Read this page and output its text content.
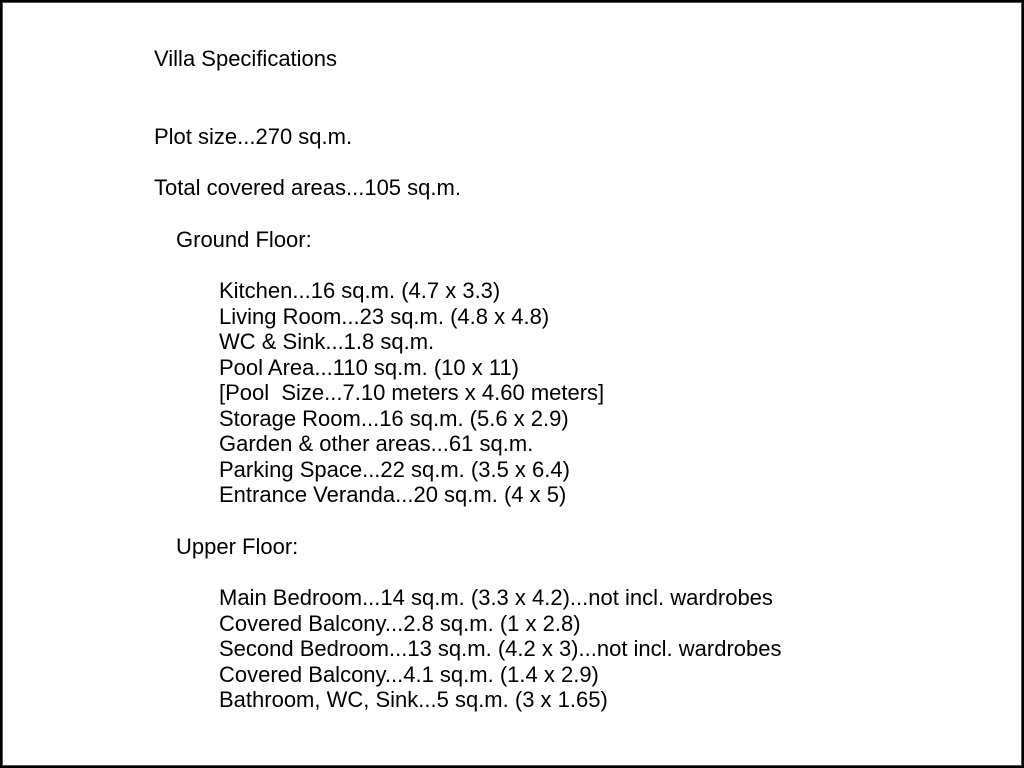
Villa Specifications
Plot size...270 sq.m.
Total covered areas...105 sq.m.
Ground Floor:
Kitchen...16 sq.m. (4.7 x 3.3)
Living Room...23 sq.m. (4.8 x 4.8)
WC & Sink...1.8 sq.m.
Pool Area...110 sq.m. (10 x 11)
[Pool  Size...7.10 meters x 4.60 meters]
Storage Room...16 sq.m. (5.6 x 2.9)
Garden & other areas...61 sq.m.
Parking Space...22 sq.m. (3.5 x 6.4)
Entrance Veranda...20 sq.m. (4 x 5)
Upper Floor:
Main Bedroom...14 sq.m. (3.3 x 4.2)...not incl. wardrobes
Covered Balcony...2.8 sq.m. (1 x 2.8)
Second Bedroom...13 sq.m. (4.2 x 3)...not incl. wardrobes
Covered Balcony...4.1 sq.m. (1.4 x 2.9)
Bathroom, WC, Sink...5 sq.m. (3 x 1.65)
